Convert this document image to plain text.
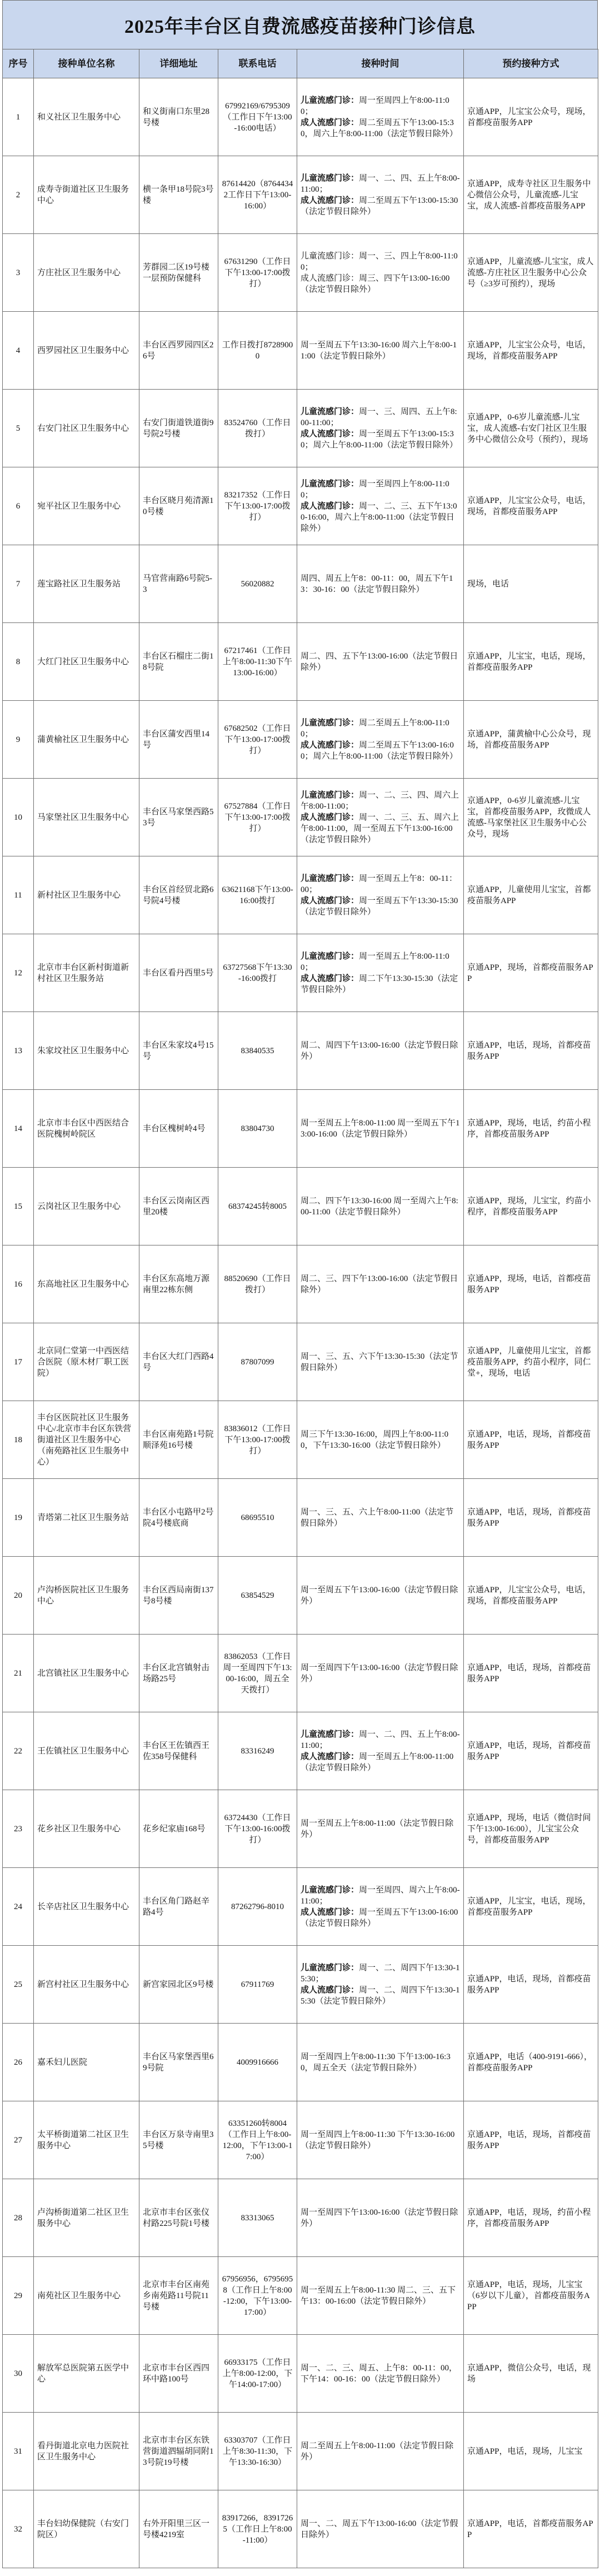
2025年丰台区自费流感疫苗接种门诊信息
序号	接种单位名称	详细地址	联系电话	接种时间	预约接种方式
1	和义社区卫生服务中心	和义街南口东里28号楼	67992169/6795309（工作日下午13:00-16:00电话）	儿童流感门诊：周一至周四上午8:00-11:00；
成人流感门诊：周二至周五下午13:00-15:30，周六上午8:00-11:00（法定节假日除外）	京通APP，儿宝宝公众号，现场，首都疫苗服务APP
2	成寿寺街道社区卫生服务中心	横一条甲18号院3号楼	87614420（87644342工作日下午13:00-16:00）	儿童流感门诊：周一、二、四、五上午8:00-11:00；
成人流感门诊：周二至周五下午13:00-15:30（法定节假日除外）	京通APP，成寿寺社区卫生服务中心微信公众号，儿童流感-儿宝宝，成人流感-首都疫苗服务APP
3	方庄社区卫生服务中心	芳群园二区19号楼一层预防保健科	67631290（工作日下午13:00-17:00拨打）	儿童流感门诊：周一、三、四上午8:00-11:00；
成人流感门诊：周三、四下午13:00-16:00（法定节假日除外）	京通APP，儿童流感-儿宝宝，成人流感-方庄社区卫生服务中心公众号（≥3岁可预约），现场
4	西罗园社区卫生服务中心	丰台区西罗园四区26号	工作日拨打87289000	周一至周五下午13:30-16:00 周六上午8:00-11:00（法定节假日除外）	京通APP，儿宝宝公众号，电话，现场，首都疫苗服务APP
5	右安门社区卫生服务中心	右安门街道铁道街9号院2号楼	83524760（工作日拨打）	儿童流感门诊：周一、三、周四、五上午8:00-11:00；
成人流感门诊：周一至周五下午13:00-15:30；周六上午8:00-11:00（法定节假日除外）	京通APP，0-6岁儿童流感-儿宝宝，成人流感-右安门社区卫生服务中心微信公众号（预约），现场
6	宛平社区卫生服务中心	丰台区晓月苑清源10号楼	83217352（工作日下午13:00-17:00拨打）	儿童流感门诊：周一至周四上午8:00-11:00；
成人流感门诊：周一、二、三、五下午13:00-16:00，周六上午8:00-11:00（法定节假日除外）	京通APP，儿宝宝公众号，电话，现场，首都疫苗服务APP
7	莲宝路社区卫生服务站	马官营南路6号院5-3	56020882	周四、周五上午8：00-11：00，周五下午13：30-16：00（法定节假日除外）	现场，电话
8	大红门社区卫生服务中心	丰台区石榴庄二街18号院	67217461（工作日上午8:00-11:30下午13:00-16:00）	周二、四、五下午13:00-16:00（法定节假日除外）	京通APP，儿宝宝，电话，现场，首都疫苗服务APP
9	蒲黄榆社区卫生服务中心	丰台区蒲安西里14号	67682502（工作日下午13:00-17:00拨打）	儿童流感门诊：周二至周五上午8:00-11:00；
成人流感门诊：周二至周五下午13:00-16:00；周六上午8:00-11:00（法定节假日除外）	京通APP，蒲黄榆中心公众号，现场，首都疫苗服务APP
10	马家堡社区卫生服务中心	丰台区马家堡西路53号	67527884（工作日下午13:00-17:00拨打）	儿童流感门诊：周一、二、三、四、周六上午8:00-11:00；
成人流感门诊：周一、二、三、五、周六上午8:00-11:00，周一至周五下午13:00-16:00（法定节假日除外）	京通APP，0-6岁儿童流感-儿宝宝，首都疫苗服务APP，玫微成人流感-马家堡社区卫生服务中心公众号，现场
11	新村社区卫生服务中心	丰台区首经贸北路6号院4号楼	63621168下午13:00-16:00拨打	儿童流感门诊：周一至周五上午8：00-11：00；
成人流感门诊：周一至周五下午13:30-15:30（法定节假日除外）	京通APP，儿童使用儿宝宝，首都疫苗服务APP
12	北京市丰台区新村街道新村社区卫生服务站	丰台区看丹西里5号	63727568下午13:30-16:00拨打	儿童流感门诊：周一至周五上午8:00-11:00；
成人流感门诊：周二下午13:30-15:30（法定节假日除外）	京通APP，现场，首都疫苗服务APP
13	朱家坟社区卫生服务中心	丰台区朱家坟4号15号	83840535	周二、周四下午13:00-16:00（法定节假日除外）	京通APP，电话，现场，首都疫苗服务APP
14	北京市丰台区中西医结合医院槐树岭院区	丰台区槐树岭4号	83804730	周一至周五上午8:00-11:00 周一至周五下午13:00-16:00（法定节假日除外）	京通APP，现场，电话，约苗小程序，首都疫苗服务APP
15	云岗社区卫生服务中心	丰台区云岗南区西里20楼	68374245转8005	周二、四下午13:30-16:00 周一至周六上午8:00-11:00（法定节假日除外）	京通APP，现场，儿宝宝，约苗小程序，首都疫苗服务APP
16	东高地社区卫生服务中心	丰台区东高地万源南里22栋东侧	88520690（工作日拨打）	周二、三、四下午13:00-16:00（法定节假日除外）	京通APP，现场，电话，首都疫苗服务APP
17	北京同仁堂第一中西医结合医院（原木材厂职工医院）	丰台区大红门西路4号	87807099	周一、三、五、六下午13:30-15:30（法定节假日除外）	京通APP，儿童使用儿宝宝，首都疫苗服务APP，约苗小程序，同仁堂+，现场，电话
18	丰台区医院社区卫生服务中心/北京市丰台区东铁营街道社区卫生服务中心（南苑路社区卫生服务中心）	丰台区南苑路1号院顺泽苑16号楼	83836012（工作日下午13:00-17:00拨打）	周三下午13:30-16:00，周四上午8:00-11:00，下午13:30-16:00（法定节假日除外）	京通APP，电话，现场，首都疫苗服务APP
19	青塔第二社区卫生服务站	丰台区小屯路甲2号院4号楼底商	68695510	周一、三、五、六上午8:00-11:00（法定节假日除外）	京通APP，电话，现场，首都疫苗服务APP
20	卢沟桥医院社区卫生服务中心	丰台区西局南街137号8号楼	63854529	周一至周五下午13:00-16:00（法定节假日除外）	京通APP，儿宝宝公众号，电话，现场，首都疫苗服务APP
21	北宫镇社区卫生服务中心	丰台区北宫镇射击场路25号	83862053（工作日周一至周四下午13:00-16:00，周五全天拨打）	周一至周四下午13:00-16:00（法定节假日除外）	京通APP，电话，现场，首都疫苗服务APP
22	王佐镇社区卫生服务中心	丰台区王佐镇西王佐358号保健科	83316249	儿童流感门诊：周一、二、四、五上午8:00-11:00；
成人流感门诊：周一至周五上午8:00-11:00（法定节假日除外）	京通APP，电话，现场，首都疫苗服务APP
23	花乡社区卫生服务中心	花乡纪家庙168号	63724430（工作日下午13:00-16:00拨打）	周一至周五上午8:00-11:00（法定节假日除外）	京通APP，现场，电话（微信时间下午13:00-16:00），儿宝宝公众号，首都疫苗服务APP
24	长辛店社区卫生服务中心	丰台区角门路赵辛路4号	87262796-8010	儿童流感门诊：周一至周四、周六上午8:00-11:00；
成人流感门诊：周一至周五下午13:00-16:00（法定节假日除外）	京通APP，儿宝宝，电话，现场，首都疫苗服务APP
25	新宫村社区卫生服务中心	新宫家园北区9号楼	67911769	儿童流感门诊：周一、二、周四下午13:30-15:30；
成人流感门诊：周一、二、周四下午13:30-15:30（法定节假日除外）	京通APP，电话，现场，首都疫苗服务APP
26	嘉禾妇儿医院	丰台区马家堡西里69号院	4009916666	周一至周四上午8:00-11:30 下午13:00-16:30，周五全天（法定节假日除外）	京通APP，电话（400-9191-666），首都疫苗服务APP
27	太平桥街道第二社区卫生服务中心	丰台区万泉寺南里35号楼	63351260转8004（工作日上午8:00-12:00，下午13:00-17:00）	周一至周四上午8:00-11:30 下午13:30-16:00（法定节假日除外）	京通APP，电话，现场，首都疫苗服务APP
28	卢沟桥街道第二社区卫生服务中心	北京市丰台区张仪村路225号院1号楼	83313065	周一至周四下午13:00-16:00（法定节假日除外）	京通APP，电话，现场，约苗小程序，首都疫苗服务APP
29	南苑社区卫生服务中心	北京市丰台区南苑乡南苑路11号院11号楼	67956956，67956958（工作日上午8:00-12:00，下午13:00-17:00）	周一至周五上午8:00-11:30 周二、三、五下午13：00-16:00（法定节假日除外）	京通APP，电话，现场，儿宝宝（6岁以下儿童），首都疫苗服务APP
30	解放军总医院第五医学中心	北京市丰台区西四环中路100号	66933175（工作日上午8:00-12:00，下午14:00-17:00）	周一、二、三、周五、上午8：00-11：00，下午14：00-16：00（法定节假日除外）	京通APP，微信公众号，电话，现场
31	看丹街道北京电力医院社区卫生服务中心	北京市丰台区东铁营街道泗辐胡同附13号院19号楼	63303707（工作日上午8:30-11:30，下午13:30-16:30）	周二至周五上午8:00-11:00（法定节假日除外）	京通APP，电话，现场，儿宝宝
32	丰台妇幼保健院（右安门院区）	右外开阳里三区一号楼4219室	83917266，83917265（工作日上午8:00-11:00）	周一、二、周五下午13:00-16:00（法定节假日除外）	京通APP，电话，首都疫苗服务APP
